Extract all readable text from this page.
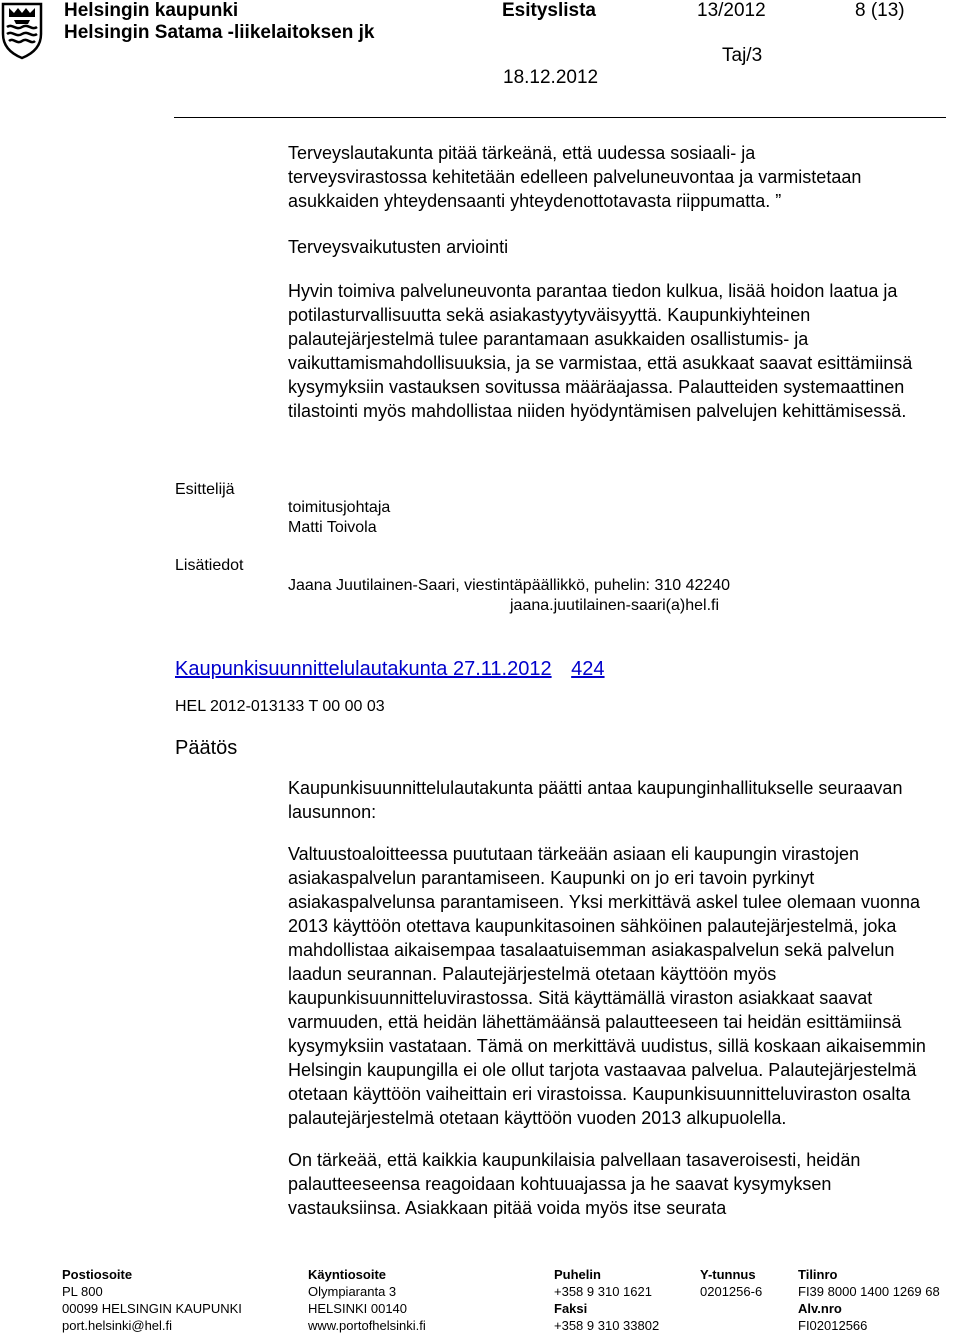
Helsingin kaupunki
Helsingin Satama -liikelaitoksen jk
Esityslista	13/2012	8 (13)
Taj/3
18.12.2012

Terveyslautakunta pitää tärkeänä, että uudessa sosiaali- ja terveysvirastossa kehitetään edelleen palveluneuvontaa ja varmistetaan asukkaiden yhteydensaanti yhteydenottotavasta riippumatta. ”

Terveysvaikutusten arviointi

Hyvin toimiva palveluneuvonta parantaa tiedon kulkua, lisää hoidon laatua ja potilasturvallisuutta sekä asiakastyytyväisyyttä. Kaupunkiyhteinen palautejärjestelmä tulee parantamaan asukkaiden osallistumis- ja vaikuttamismahdollisuuksia, ja se varmistaa, että asukkaat saavat esittämiinsä kysymyksiin vastauksen sovitussa määräajassa. Palautteiden systemaattinen tilastointi myös mahdollistaa niiden hyödyntämisen palvelujen kehittämisessä.

Esittelijä
toimitusjohtaja
Matti Toivola
Lisätiedot
Jaana Juutilainen-Saari, viestintäpäällikkö, puhelin: 310 42240
jaana.juutilainen-saari(a)hel.fi
Kaupunkisuunnittelulautakunta 27.11.2012 424
HEL 2012-013133 T 00 00 03
Päätös

Kaupunkisuunnittelulautakunta päätti antaa kaupunginhallitukselle seuraavan lausunnon:

Valtuustoaloitteessa puututaan tärkeään asiaan eli kaupungin virastojen asiakaspalvelun parantamiseen. Kaupunki on jo eri tavoin pyrkinyt asiakaspalvelunsa parantamiseen. Yksi merkittävä askel tulee olemaan vuonna 2013 käyttöön otettava kaupunkitasoinen sähköinen palautejärjestelmä, joka mahdollistaa aikaisempaa tasalaatuisemman asiakaspalvelun sekä palvelun laadun seurannan. Palautejärjestelmä otetaan käyttöön myös kaupunkisuunnitteluvirastossa. Sitä käyttämällä viraston asiakkaat saavat varmuuden, että heidän lähettämäänsä palautteeseen tai heidän esittämiinsä kysymyksiin vastataan. Tämä on merkittävä uudistus, sillä koskaan aikaisemmin Helsingin kaupungilla ei ole ollut tarjota vastaavaa palvelua. Palautejärjestelmä otetaan käyttöön vaiheittain eri virastoissa. Kaupunkisuunnitteluviraston osalta palautejärjestelmä otetaan käyttöön vuoden 2013 alkupuolella.

On tärkeää, että kaikkia kaupunkilaisia palvellaan tasaveroisesti, heidän palautteeseensa reagoidaan kohtuuajassa ja he saavat kysymyksen vastauksiinsa. Asiakkaan pitää voida myös itse seurata

Postiosoite
PL 800
00099 HELSINGIN KAUPUNKI
port.helsinki@hel.fi
Käyntiosoite
Olympiaranta 3
HELSINKI 00140
www.portofhelsinki.fi
Puhelin
+358 9 310 1621
Faksi
+358 9 310 33802
Y-tunnus
0201256-6
Tilinro
FI39 8000 1400 1269 68
Alv.nro
FI02012566
